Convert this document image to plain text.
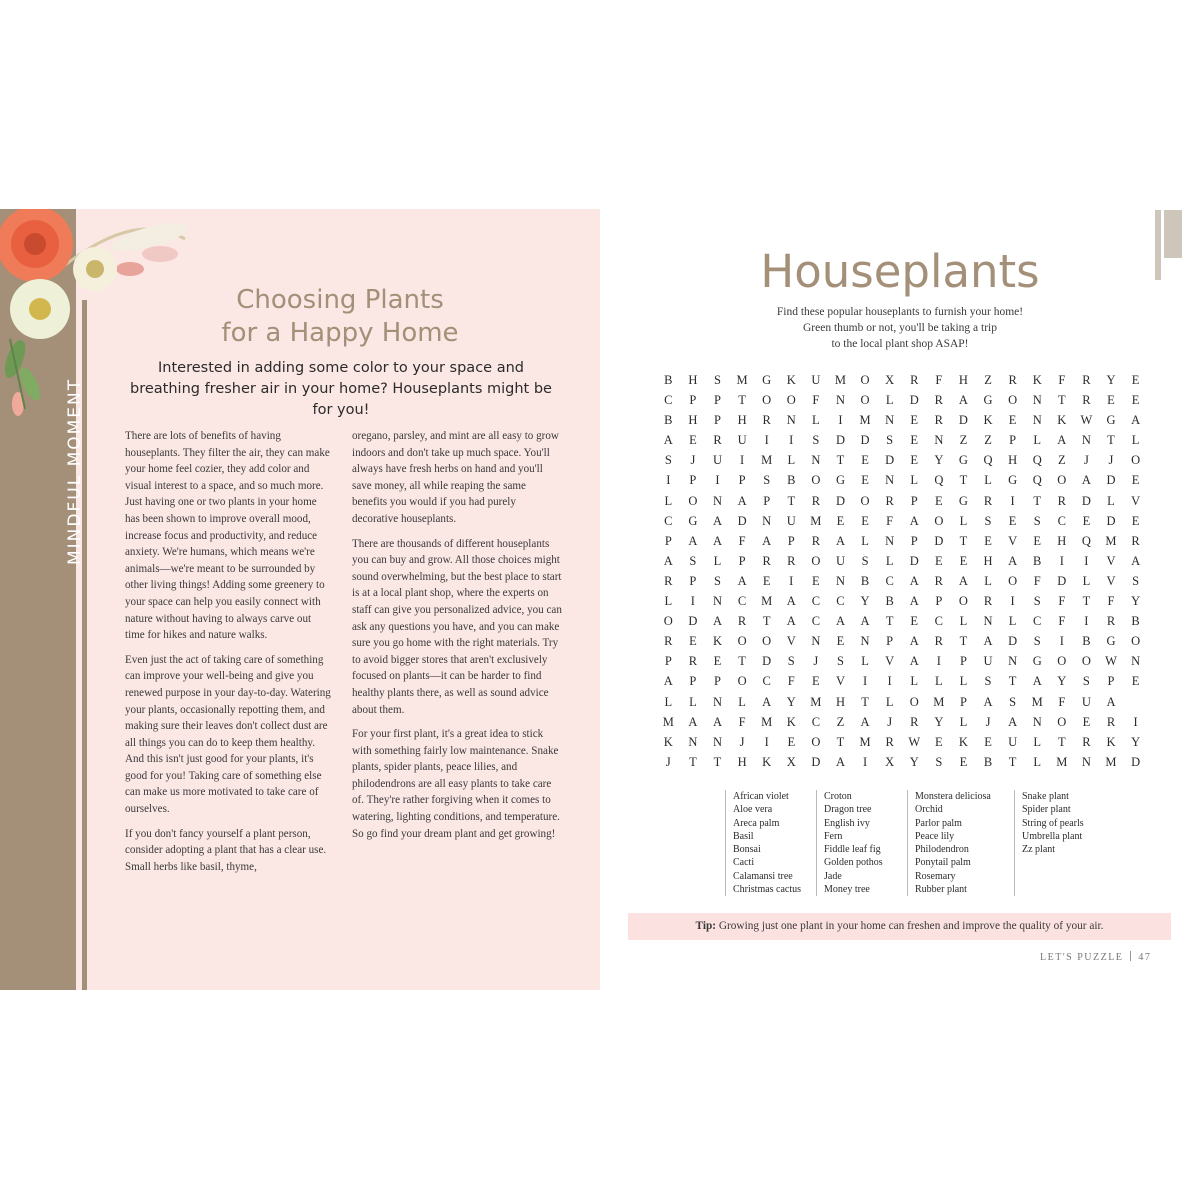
MINDFUL MOMENT
Choosing Plants
for a Happy Home
Interested in adding some color to your space and breathing fresher air in your home? Houseplants might be for you!

There are lots of benefits of having houseplants. They filter the air, they can make your home feel cozier, they add color and visual interest to a space, and so much more. Just having one or two plants in your home has been shown to improve overall mood, increase focus and productivity, and reduce anxiety. We're humans, which means we're animals—we're meant to be surrounded by other living things! Adding some greenery to your space can help you easily connect with nature without having to always carve out time for hikes and nature walks.

Even just the act of taking care of something can improve your well-being and give you renewed purpose in your day-to-day. Watering your plants, occasionally repotting them, and making sure their leaves don't collect dust are all things you can do to keep them healthy. And this isn't just good for your plants, it's good for you! Taking care of something else can make us more motivated to take care of ourselves.

If you don't fancy yourself a plant person, consider adopting a plant that has a clear use. Small herbs like basil, thyme,

oregano, parsley, and mint are all easy to grow indoors and don't take up much space. You'll always have fresh herbs on hand and you'll save money, all while reaping the same benefits you would if you had purely decorative houseplants.

There are thousands of different houseplants you can buy and grow. All those choices might sound overwhelming, but the best place to start is at a local plant shop, where the experts on staff can give you personalized advice, you can ask any questions you have, and you can make sure you go home with the right materials. Try to avoid bigger stores that aren't exclusively focused on plants—it can be harder to find healthy plants there, as well as sound advice about them.

For your first plant, it's a great idea to stick with something fairly low maintenance. Snake plants, spider plants, peace lilies, and philodendrons are all easy plants to take care of. They're rather forgiving when it comes to watering, lighting conditions, and temperature. So go find your dream plant and get growing!

Houseplants
Find these popular houseplants to furnish your home!
Green thumb or not, you'll be taking a trip
to the local plant shop ASAP!
B	H	S	M	G	K	U	M	O	X	R	F	H	Z	R	K	F	R	Y	E
C	P	P	T	O	O	F	N	O	L	D	R	A	G	O	N	T	R	E	E
B	H	P	H	R	N	L	I	M	N	E	R	D	K	E	N	K	W	G	A
A	E	R	U	I	I	S	D	D	S	E	N	Z	Z	P	L	A	N	T	L
S	J	U	I	M	L	N	T	E	D	E	Y	G	Q	H	Q	Z	J	J	O
I	P	I	P	S	B	O	G	E	N	L	Q	T	L	G	Q	O	A	D	E
L	O	N	A	P	T	R	D	O	R	P	E	G	R	I	T	R	D	L	V
C	G	A	D	N	U	M	E	E	F	A	O	L	S	E	S	C	E	D	E
P	A	A	F	A	P	R	A	L	N	P	D	T	E	V	E	H	Q	M	R
A	S	L	P	R	R	O	U	S	L	D	E	E	H	A	B	I	I	V	A
R	P	S	A	E	I	E	N	B	C	A	R	A	L	O	F	D	L	V	S
L	I	N	C	M	A	C	C	Y	B	A	P	O	R	I	S	F	T	F	Y
O	D	A	R	T	A	C	A	A	T	E	C	L	N	L	C	F	I	R	B
R	E	K	O	O	V	N	E	N	P	A	R	T	A	D	S	I	B	G	O
P	R	E	T	D	S	J	S	L	V	A	I	P	U	N	G	O	O	W	N
A	P	P	O	C	F	E	V	I	I	L	L	L	S	T	A	Y	S	P	E
L	L	N	L	A	Y	M	H	T	L	O	M	P	A	S	M	F	U	A
M	A	A	F	M	K	C	Z	A	J	R	Y	L	J	A	N	O	E	R	I
K	N	N	J	I	E	O	T	M	R	W	E	K	E	U	L	T	R	K	Y
J	T	T	H	K	X	D	A	I	X	Y	S	E	B	T	L	M	N	M	D
African violet
Aloe vera
Areca palm
Basil
Bonsai
Cacti
Calamansi tree
Christmas cactus
Croton
Dragon tree
English ivy
Fern
Fiddle leaf fig
Golden pothos
Jade
Money tree
Monstera deliciosa
Orchid
Parlor palm
Peace lily
Philodendron
Ponytail palm
Rosemary
Rubber plant
Snake plant
Spider plant
String of pearls
Umbrella plant
Zz plant
Tip: Growing just one plant in your home can freshen and improve the quality of your air.
LET'S PUZZLE 47
